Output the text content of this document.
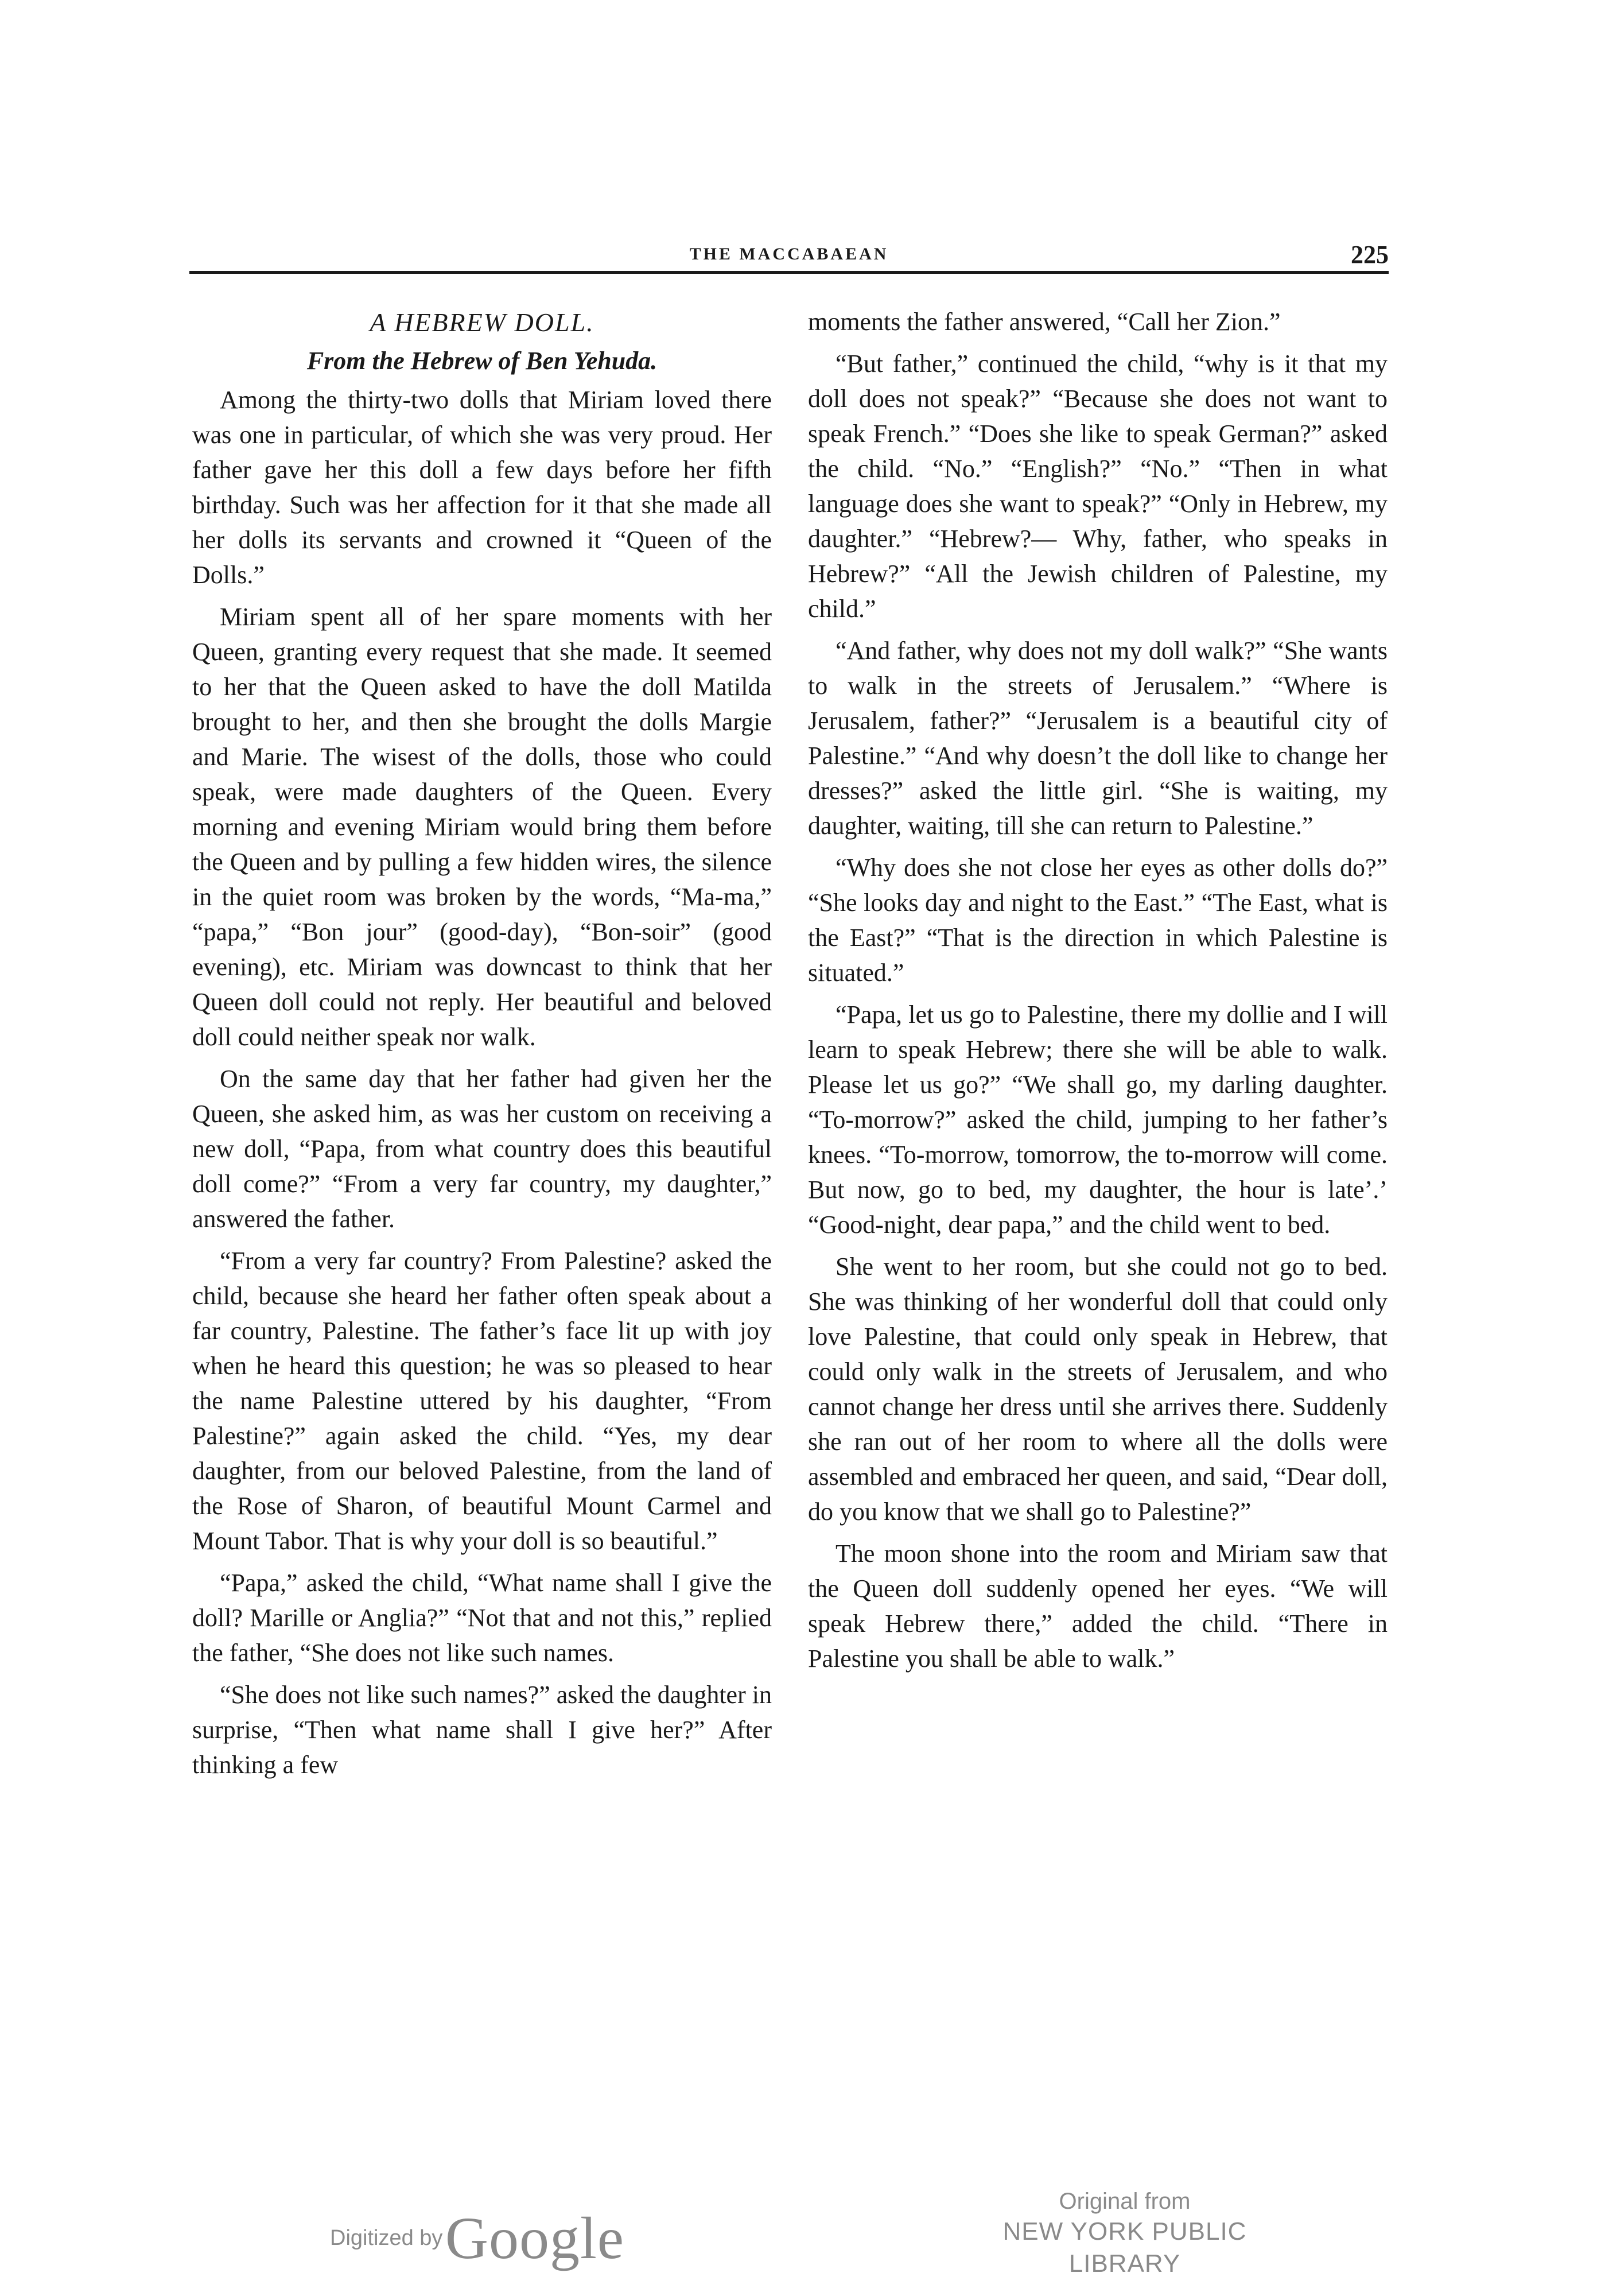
THE MACCABAEAN	225
A HEBREW DOLL.
From the Hebrew of Ben Yehuda.

Among the thirty-two dolls that Miriam loved there was one in particular, of which she was very proud. Her father gave her this doll a few days before her fifth birthday. Such was her affection for it that she made all her dolls its servants and crowned it “Queen of the Dolls.”

Miriam spent all of her spare moments with her Queen, granting every request that she made. It seemed to her that the Queen asked to have the doll Matilda brought to her, and then she brought the dolls Margie and Marie. The wisest of the dolls, those who could speak, were made daughters of the Queen. Every morning and evening Miriam would bring them before the Queen and by pulling a few hidden wires, the silence in the quiet room was broken by the words, “Ma-ma,” “papa,” “Bon jour” (good-day), “Bon-soir” (good evening), etc. Miriam was downcast to think that her Queen doll could not reply. Her beautiful and beloved doll could neither speak nor walk.

On the same day that her father had given her the Queen, she asked him, as was her custom on receiving a new doll, “Papa, from what country does this beautiful doll come?” “From a very far country, my daughter,” answered the father.

“From a very far country? From Palestine? asked the child, because she heard her father often speak about a far country, Palestine. The father’s face lit up with joy when he heard this question; he was so pleased to hear the name Palestine uttered by his daughter, “From Palestine?” again asked the child. “Yes, my dear daughter, from our beloved Palestine, from the land of the Rose of Sharon, of beautiful Mount Carmel and Mount Tabor. That is why your doll is so beautiful.”

“Papa,” asked the child, “What name shall I give the doll? Marille or Anglia?” “Not that and not this,” replied the father, “She does not like such names.

“She does not like such names?” asked the daughter in surprise, “Then what name shall I give her?” After thinking a few

moments the father answered, “Call her Zion.”

“But father,” continued the child, “why is it that my doll does not speak?” “Because she does not want to speak French.” “Does she like to speak German?” asked the child. “No.” “English?” “No.” “Then in what language does she want to speak?” “Only in Hebrew, my daughter.” “Hebrew?— Why, father, who speaks in Hebrew?” “All the Jewish children of Palestine, my child.”

“And father, why does not my doll walk?” “She wants to walk in the streets of Jerusalem.” “Where is Jerusalem, father?” “Jerusalem is a beautiful city of Palestine.” “And why doesn’t the doll like to change her dresses?” asked the little girl. “She is waiting, my daughter, waiting, till she can return to Palestine.”

“Why does she not close her eyes as other dolls do?” “She looks day and night to the East.” “The East, what is the East?” “That is the direction in which Palestine is situated.”

“Papa, let us go to Palestine, there my dollie and I will learn to speak Hebrew; there she will be able to walk. Please let us go?” “We shall go, my darling daughter. “To-morrow?” asked the child, jumping to her father’s knees. “To-morrow, tomorrow, the to-morrow will come. But now, go to bed, my daughter, the hour is late’.’ “Good-night, dear papa,” and the child went to bed.

She went to her room, but she could not go to bed. She was thinking of her wonderful doll that could only love Palestine, that could only speak in Hebrew, that could only walk in the streets of Jerusalem, and who cannot change her dress until she arrives there. Suddenly she ran out of her room to where all the dolls were assembled and embraced her queen, and said, “Dear doll, do you know that we shall go to Palestine?”

The moon shone into the room and Miriam saw that the Queen doll suddenly opened her eyes. “We will speak Hebrew there,” added the child. “There in Palestine you shall be able to walk.”

Digitized by Google
Original from
NEW YORK PUBLIC LIBRARY
